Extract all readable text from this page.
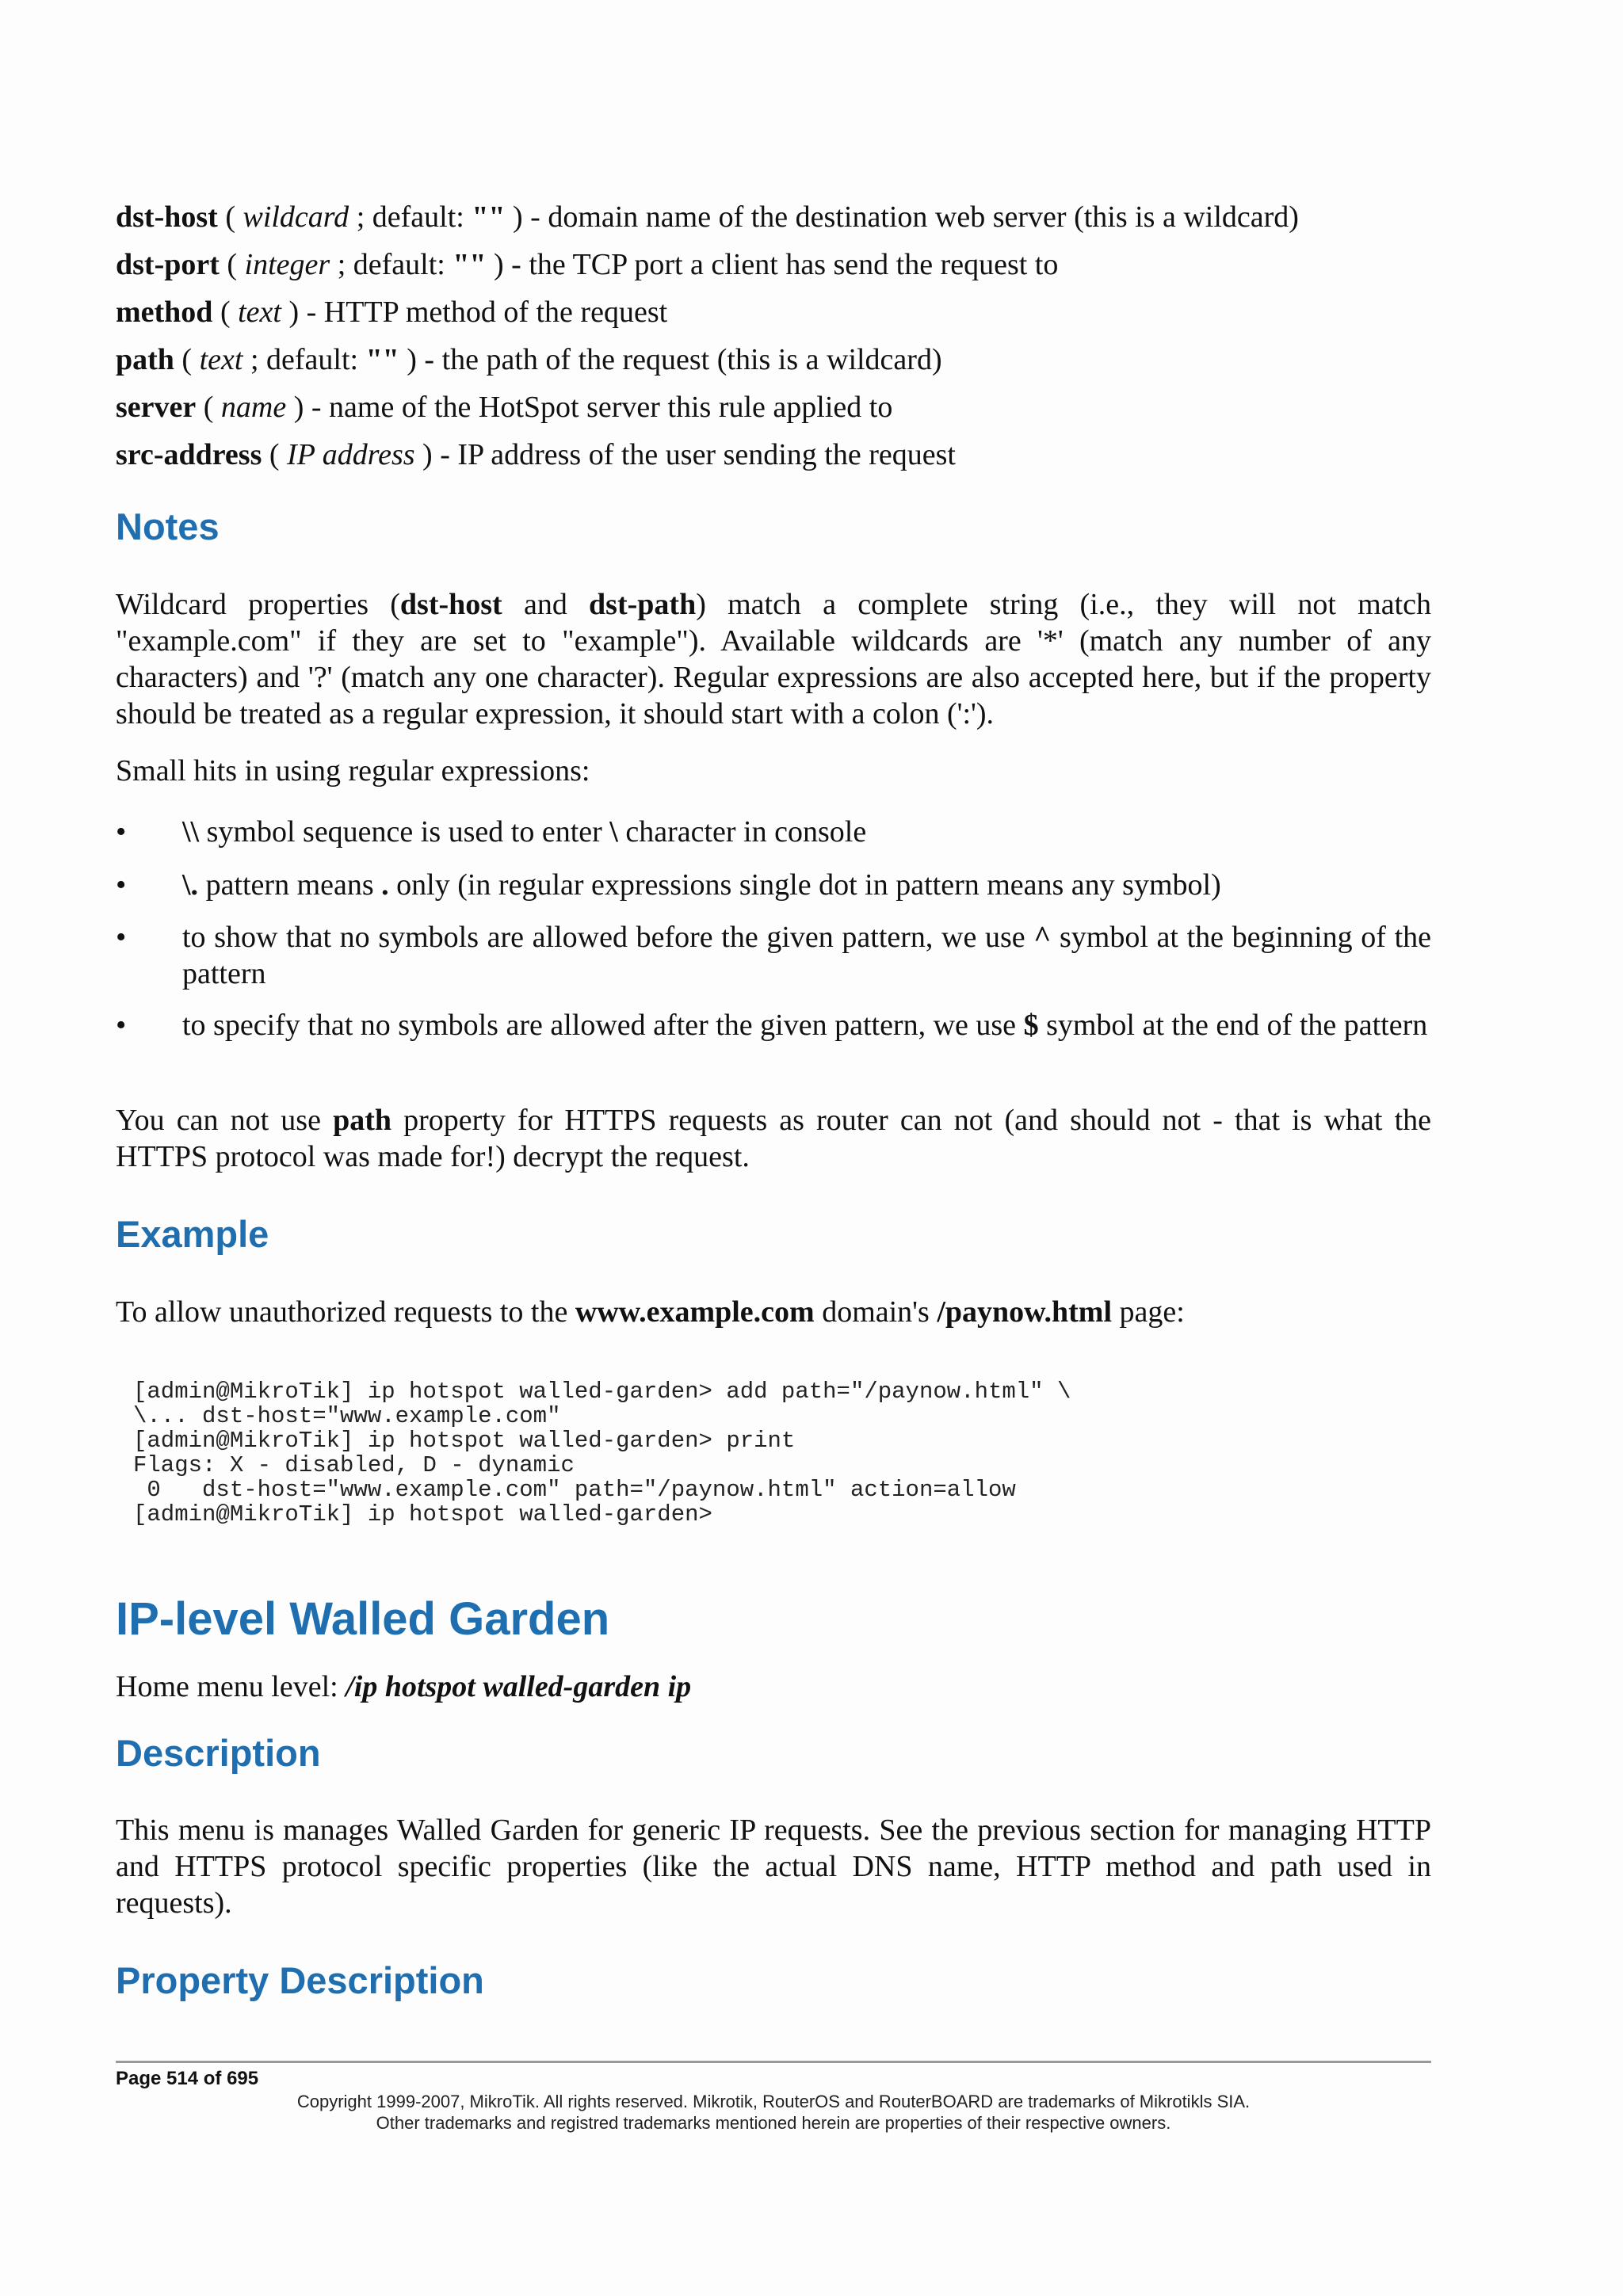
dst-host ( wildcard ; default: "" ) - domain name of the destination web server (this is a wildcard)
dst-port ( integer ; default: "" ) - the TCP port a client has send the request to
method ( text ) - HTTP method of the request
path ( text ; default: "" ) - the path of the request (this is a wildcard)
server ( name ) - name of the HotSpot server this rule applied to
src-address ( IP address ) - IP address of the user sending the request
Notes

Wildcard properties (dst-host and dst-path) match a complete string (i.e., they will not match "example.com" if they are set to "example"). Available wildcards are '*' (match any number of any characters) and '?' (match any one character). Regular expressions are also accepted here, but if the property should be treated as a regular expression, it should start with a colon (':').

Small hits in using regular expressions:

• \\ symbol sequence is used to enter \ character in console
• \. pattern means . only (in regular expressions single dot in pattern means any symbol)
• to show that no symbols are allowed before the given pattern, we use ^ symbol at the beginning of the pattern
• to specify that no symbols are allowed after the given pattern, we use $ symbol at the end of the pattern

You can not use path property for HTTPS requests as router can not (and should not - that is what the HTTPS protocol was made for!) decrypt the request.

Example

To allow unauthorized requests to the www.example.com domain's /paynow.html page:

[admin@MikroTik] ip hotspot walled-garden> add path="/paynow.html" \
\... dst-host="www.example.com"
[admin@MikroTik] ip hotspot walled-garden> print
Flags: X - disabled, D - dynamic
0   dst-host="www.example.com" path="/paynow.html" action=allow
[admin@MikroTik] ip hotspot walled-garden>
IP-level Walled Garden

Home menu level: /ip hotspot walled-garden ip

Description

This menu is manages Walled Garden for generic IP requests. See the previous section for managing HTTP and HTTPS protocol specific properties (like the actual DNS name, HTTP method and path used in requests).

Property Description
Page 514 of 695
Copyright 1999-2007, MikroTik. All rights reserved. Mikrotik, RouterOS and RouterBOARD are trademarks of Mikrotikls SIA.
Other trademarks and registred trademarks mentioned herein are properties of their respective owners.
